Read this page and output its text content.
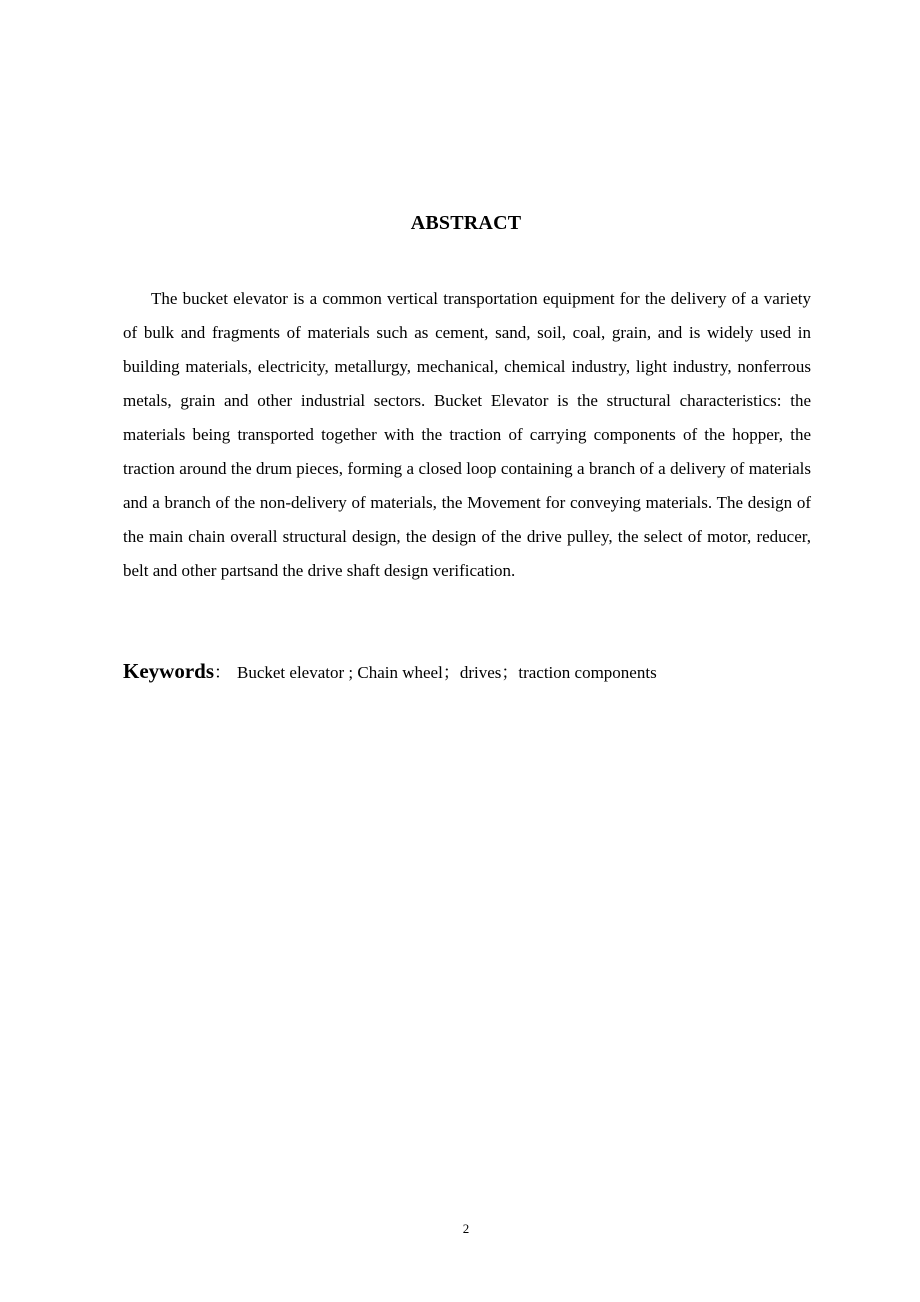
ABSTRACT

The bucket elevator is a common vertical transportation equipment for the delivery of a variety of bulk and fragments of materials such as cement, sand, soil, coal, grain, and is widely used in building materials, electricity, metallurgy, mechanical, chemical industry, light industry, nonferrous metals, grain and other industrial sectors. Bucket Elevator is the structural characteristics: the materials being transported together with the traction of carrying components of the hopper, the traction around the drum pieces, forming a closed loop containing a branch of a delivery of materials and a branch of the non-delivery of materials, the Movement for conveying materials. The design of the main chain overall structural design, the design of the drive pulley, the select of motor, reducer, belt and other partsand the drive shaft design verification.

Keywords： Bucket elevator ; Chain wheel；drives；traction components
2
